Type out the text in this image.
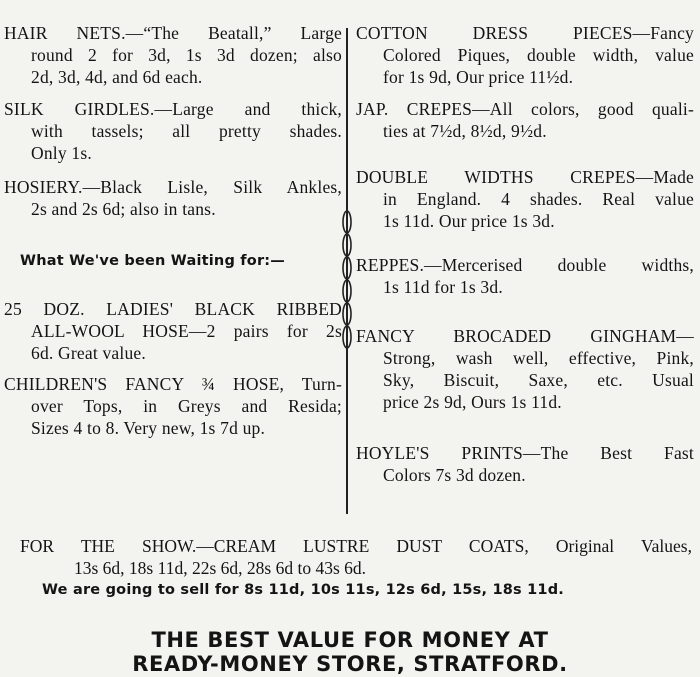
HAIR NETS.—“The Beatall,” Large
round 2 for 3d, 1s 3d dozen; also
2d, 3d, 4d, and 6d each.
SILK GIRDLES.—Large and thick,
with tassels; all pretty shades.
Only 1s.
HOSIERY.—Black Lisle, Silk Ankles,
2s and 2s 6d; also in tans.
What We've been Waiting for:—
25 DOZ. LADIES' BLACK RIBBED
ALL-WOOL HOSE—2 pairs for 2s
6d. Great value.
CHILDREN'S FANCY ¾ HOSE, Turn-
over Tops, in Greys and Resida;
Sizes 4 to 8. Very new, 1s 7d up.
COTTON DRESS PIECES—Fancy
Colored Piques, double width, value
for 1s 9d, Our price 11½d.
JAP. CREPES—All colors, good quali-
ties at 7½d, 8½d, 9½d.
DOUBLE WIDTHS CREPES—Made
in England. 4 shades. Real value
1s 11d. Our price 1s 3d.
REPPES.—Mercerised double widths,
1s 11d for 1s 3d.
FANCY BROCADED GINGHAM—
Strong, wash well, effective, Pink,
Sky, Biscuit, Saxe, etc. Usual
price 2s 9d, Ours 1s 11d.
HOYLE'S PRINTS—The Best Fast
Colors 7s 3d dozen.
FOR THE SHOW.—CREAM LUSTRE DUST COATS, Original Values,
13s 6d, 18s 11d, 22s 6d, 28s 6d to 43s 6d.
We are going to sell for 8s 11d, 10s 11s, 12s 6d, 15s, 18s 11d.
THE BEST VALUE FOR MONEY AT
READY-MONEY STORE, STRATFORD.
